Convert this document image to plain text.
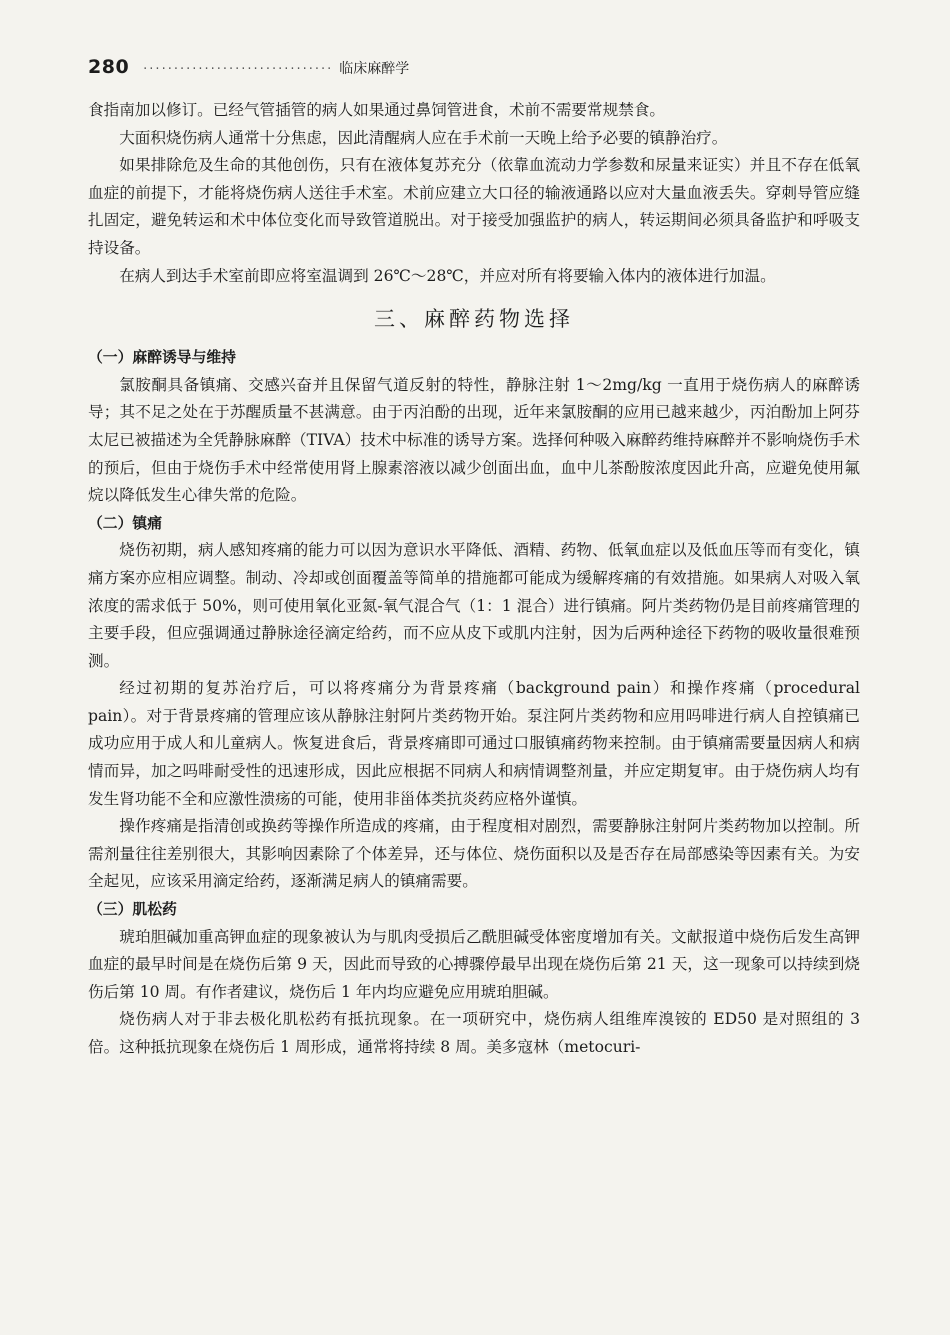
280 ······························· 临床麻醉学

食指南加以修订。已经气管插管的病人如果通过鼻饲管进食，术前不需要常规禁食。

大面积烧伤病人通常十分焦虑，因此清醒病人应在手术前一天晚上给予必要的镇静治疗。

如果排除危及生命的其他创伤，只有在液体复苏充分（依靠血流动力学参数和尿量来证实）并且不存在低氧血症的前提下，才能将烧伤病人送往手术室。术前应建立大口径的输液通路以应对大量血液丢失。穿刺导管应缝扎固定，避免转运和术中体位变化而导致管道脱出。对于接受加强监护的病人，转运期间必须具备监护和呼吸支持设备。

在病人到达手术室前即应将室温调到 26℃～28℃，并应对所有将要输入体内的液体进行加温。

三、麻醉药物选择
（一）麻醉诱导与维持

氯胺酮具备镇痛、交感兴奋并且保留气道反射的特性，静脉注射 1～2mg/kg 一直用于烧伤病人的麻醉诱导；其不足之处在于苏醒质量不甚满意。由于丙泊酚的出现，近年来氯胺酮的应用已越来越少，丙泊酚加上阿芬太尼已被描述为全凭静脉麻醉（TIVA）技术中标准的诱导方案。选择何种吸入麻醉药维持麻醉并不影响烧伤手术的预后，但由于烧伤手术中经常使用肾上腺素溶液以减少创面出血，血中儿茶酚胺浓度因此升高，应避免使用氟烷以降低发生心律失常的危险。

（二）镇痛

烧伤初期，病人感知疼痛的能力可以因为意识水平降低、酒精、药物、低氧血症以及低血压等而有变化，镇痛方案亦应相应调整。制动、冷却或创面覆盖等简单的措施都可能成为缓解疼痛的有效措施。如果病人对吸入氧浓度的需求低于 50%，则可使用氧化亚氮-氧气混合气（1：1 混合）进行镇痛。阿片类药物仍是目前疼痛管理的主要手段，但应强调通过静脉途径滴定给药，而不应从皮下或肌内注射，因为后两种途径下药物的吸收量很难预测。

经过初期的复苏治疗后，可以将疼痛分为背景疼痛（background pain）和操作疼痛（procedural pain）。对于背景疼痛的管理应该从静脉注射阿片类药物开始。泵注阿片类药物和应用吗啡进行病人自控镇痛已成功应用于成人和儿童病人。恢复进食后，背景疼痛即可通过口服镇痛药物来控制。由于镇痛需要量因病人和病情而异，加之吗啡耐受性的迅速形成，因此应根据不同病人和病情调整剂量，并应定期复审。由于烧伤病人均有发生肾功能不全和应激性溃疡的可能，使用非甾体类抗炎药应格外谨慎。

操作疼痛是指清创或换药等操作所造成的疼痛，由于程度相对剧烈，需要静脉注射阿片类药物加以控制。所需剂量往往差别很大，其影响因素除了个体差异，还与体位、烧伤面积以及是否存在局部感染等因素有关。为安全起见，应该采用滴定给药，逐渐满足病人的镇痛需要。

（三）肌松药

琥珀胆碱加重高钾血症的现象被认为与肌肉受损后乙酰胆碱受体密度增加有关。文献报道中烧伤后发生高钾血症的最早时间是在烧伤后第 9 天，因此而导致的心搏骤停最早出现在烧伤后第 21 天，这一现象可以持续到烧伤后第 10 周。有作者建议，烧伤后 1 年内均应避免应用琥珀胆碱。

烧伤病人对于非去极化肌松药有抵抗现象。在一项研究中，烧伤病人组维库溴铵的 ED50 是对照组的 3 倍。这种抵抗现象在烧伤后 1 周形成，通常将持续 8 周。美多寇林（metocuri-
